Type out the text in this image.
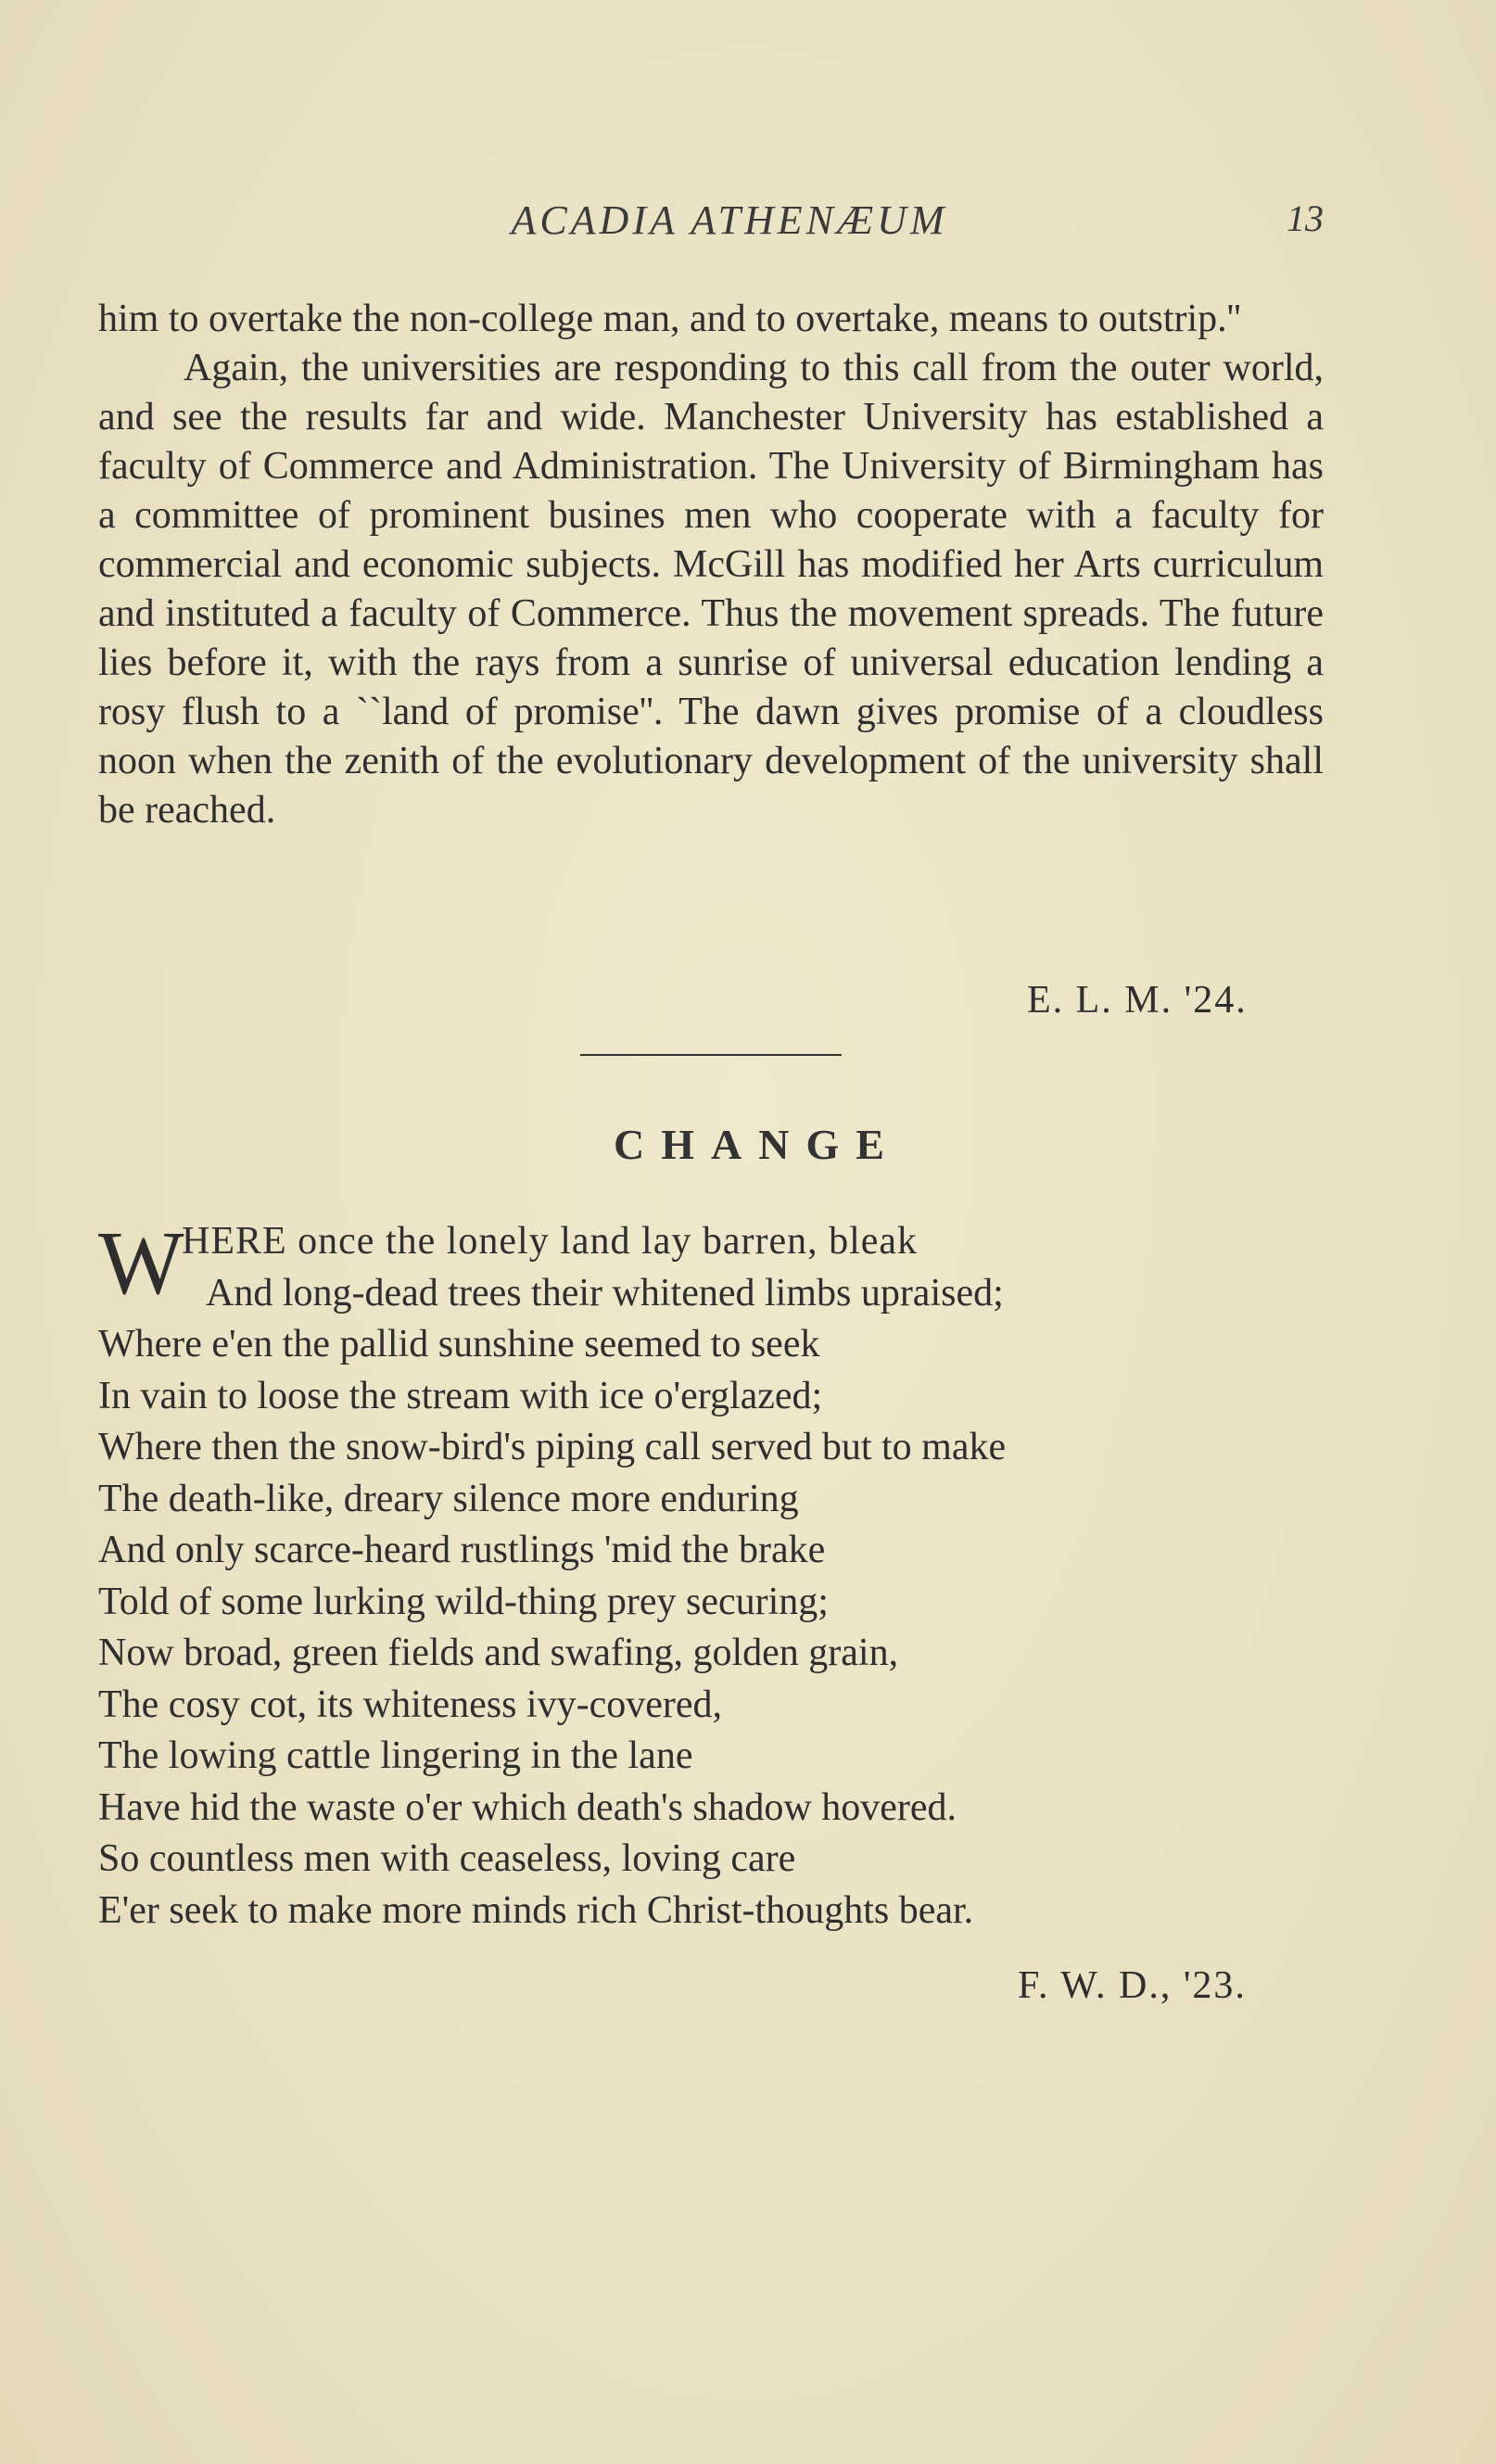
ACADIA ATHENÆUM	13

him to overtake the non-college man, and to overtake, means to outstrip.''

Again, the universities are responding to this call from the outer world, and see the results far and wide. Manchester University has established a faculty of Commerce and Administration. The University of Birmingham has a committee of prominent busines men who cooperate with a faculty for commercial and economic subjects. McGill has modified her Arts curriculum and instituted a faculty of Commerce. Thus the movement spreads. The future lies before it, with the rays from a sunrise of universal education lending a rosy flush to a ``land of promise''. The dawn gives promise of a cloudless noon when the zenith of the evolutionary development of the university shall be reached.

E. L. M. '24.
CHANGE
W
HERE once the lonely land lay barren, bleak
And long-dead trees their whitened limbs upraised;
Where e'en the pallid sunshine seemed to seek
In vain to loose the stream with ice o'erglazed;
Where then the snow-bird's piping call served but to make
The death-like, dreary silence more enduring
And only scarce-heard rustlings 'mid the brake
Told of some lurking wild-thing prey securing;
Now broad, green fields and swafing, golden grain,
The cosy cot, its whiteness ivy-covered,
The lowing cattle lingering in the lane
Have hid the waste o'er which death's shadow hovered.
So countless men with ceaseless, loving care
E'er seek to make more minds rich Christ-thoughts bear.
F. W. D., '23.
